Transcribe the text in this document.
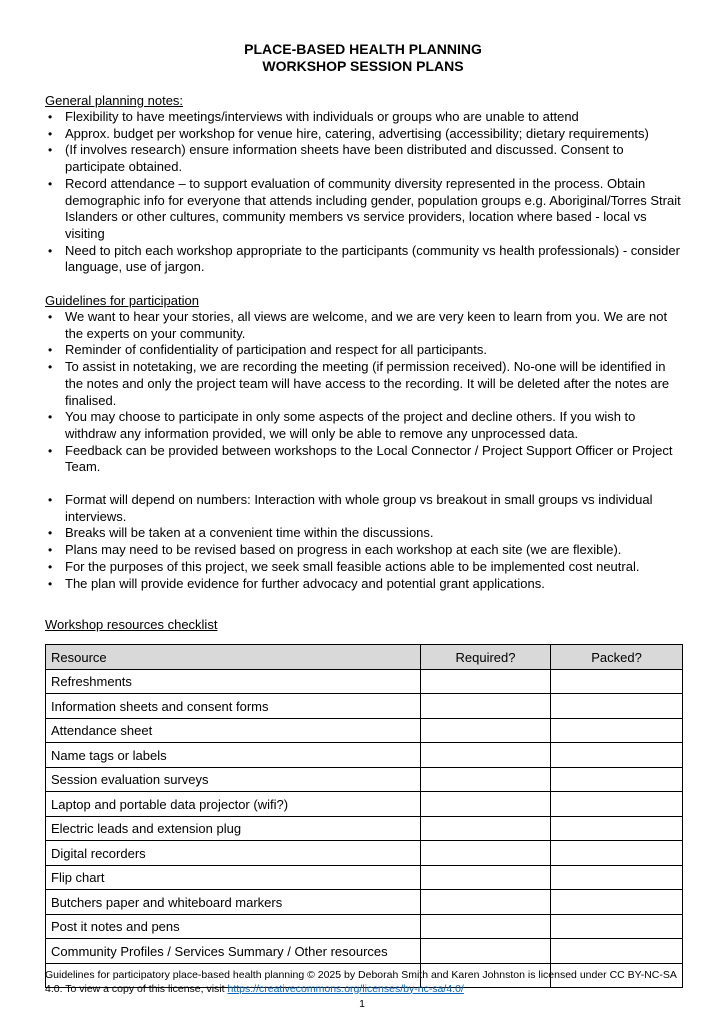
PLACE-BASED HEALTH PLANNING
WORKSHOP SESSION PLANS
General planning notes:
• Flexibility to have meetings/interviews with individuals or groups who are unable to attend
• Approx. budget per workshop for venue hire, catering, advertising (accessibility; dietary requirements)
• (If involves research) ensure information sheets have been distributed and discussed. Consent to participate obtained.
• Record attendance – to support evaluation of community diversity represented in the process. Obtain demographic info for everyone that attends including gender, population groups e.g. Aboriginal/Torres Strait Islanders or other cultures, community members vs service providers, location where based - local vs visiting
• Need to pitch each workshop appropriate to the participants (community vs health professionals) - consider language, use of jargon.
Guidelines for participation
• We want to hear your stories, all views are welcome, and we are very keen to learn from you. We are not the experts on your community.
• Reminder of confidentiality of participation and respect for all participants.
• To assist in notetaking, we are recording the meeting (if permission received). No-one will be identified in the notes and only the project team will have access to the recording. It will be deleted after the notes are finalised.
• You may choose to participate in only some aspects of the project and decline others. If you wish to withdraw any information provided, we will only be able to remove any unprocessed data.
• Feedback can be provided between workshops to the Local Connector / Project Support Officer or Project Team.
• Format will depend on numbers: Interaction with whole group vs breakout in small groups vs individual interviews.
• Breaks will be taken at a convenient time within the discussions.
• Plans may need to be revised based on progress in each workshop at each site (we are flexible).
• For the purposes of this project, we seek small feasible actions able to be implemented cost neutral.
• The plan will provide evidence for further advocacy and potential grant applications.
Workshop resources checklist
Resource	Required?	Packed?
Refreshments		
Information sheets and consent forms		
Attendance sheet		
Name tags or labels		
Session evaluation surveys		
Laptop and portable data projector (wifi?)		
Electric leads and extension plug		
Digital recorders		
Flip chart		
Butchers paper and whiteboard markers		
Post it notes and pens		
Community Profiles / Services Summary / Other resources		

Guidelines for participatory place-based health planning © 2025 by Deborah Smith and Karen Johnston is licensed under CC BY-NC-SA 4.0. To view a copy of this license, visit https://creativecommons.org/licenses/by-nc-sa/4.0/
1
